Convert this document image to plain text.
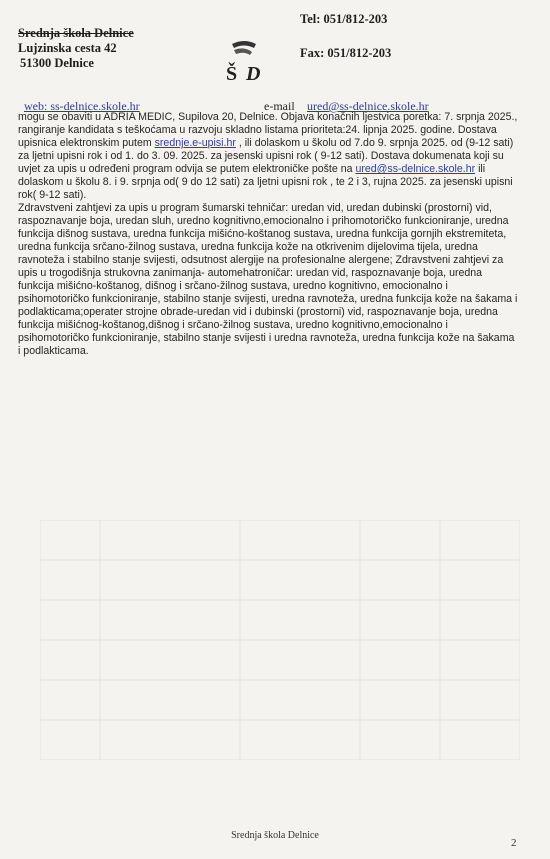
Srednja škola Delnice
Lujzinska cesta 42
51300 Delnice
Tel: 051/812-203
Fax: 051/812-203
Š D
web: ss-delnice.skole.hr	e-mail ured@ss-delnice.skole.hr

mogu se obaviti u ADRIA MEDIC, Supilova 20, Delnice. Objava konačnih ljestvica poretka: 7. srpnja 2025., rangiranje kandidata s teškoćama u razvoju skladno listama prioriteta:24. lipnja 2025. godine. Dostava upisnica elektronskim putem srednje.e-upisi.hr , ili dolaskom u školu od 7.do 9. srpnja 2025. od (9-12 sati) za ljetni upisni rok i od 1. do 3. 09. 2025. za jesenski upisni rok ( 9-12 sati). Dostava dokumenata koji su uvjet za upis u određeni program odvija se putem elektroničke pošte na ured@ss-delnice.skole.hr ili dolaskom u školu 8. i 9. srpnja od( 9 do 12 sati) za ljetni upisni rok , te 2 i 3, rujna 2025. za jesenski upisni rok( 9-12 sati).

Zdravstveni zahtjevi za upis u program šumarski tehničar: uredan vid, uredan dubinski (prostorni) vid, raspoznavanje boja, uredan sluh, uredno kognitivno,emocionalno i prihomotoričko funkcioniranje, uredna funkcija dišnog sustava, uredna funkcija mišićno-koštanog sustava, uredna funkcija gornjih ekstremiteta, uredna funkcija srčano-žilnog sustava, uredna funkcija kože na otkrivenim dijelovima tijela, uredna ravnoteža i stabilno stanje svijesti, odsutnost alergije na profesionalne alergene; Zdravstveni zahtjevi za upis u trogodišnja strukovna zanimanja- automehatroničar: uredan vid, raspoznavanje boja, uredna funkcija mišićno-koštanog, dišnog i srčano-žilnog sustava, uredno kognitivno, emocionalno i psihomotoričko funkcioniranje, stabilno stanje svijesti, uredna ravnoteža, uredna funkcija kože na šakama i podlakticama;operater strojne obrade-uredan vid i dubinski (prostorni) vid, raspoznavanje boja, uredna funkcija mišićnog-koštanog,dišnog i srčano-žilnog sustava, uredno kognitivno,emocionalno i psihomotoričko funkcioniranje, stabilno stanje svijesti i uredna ravnoteža, uredna funkcija kože na šakama i podlakticama.

Srednja škola Delnice
2
